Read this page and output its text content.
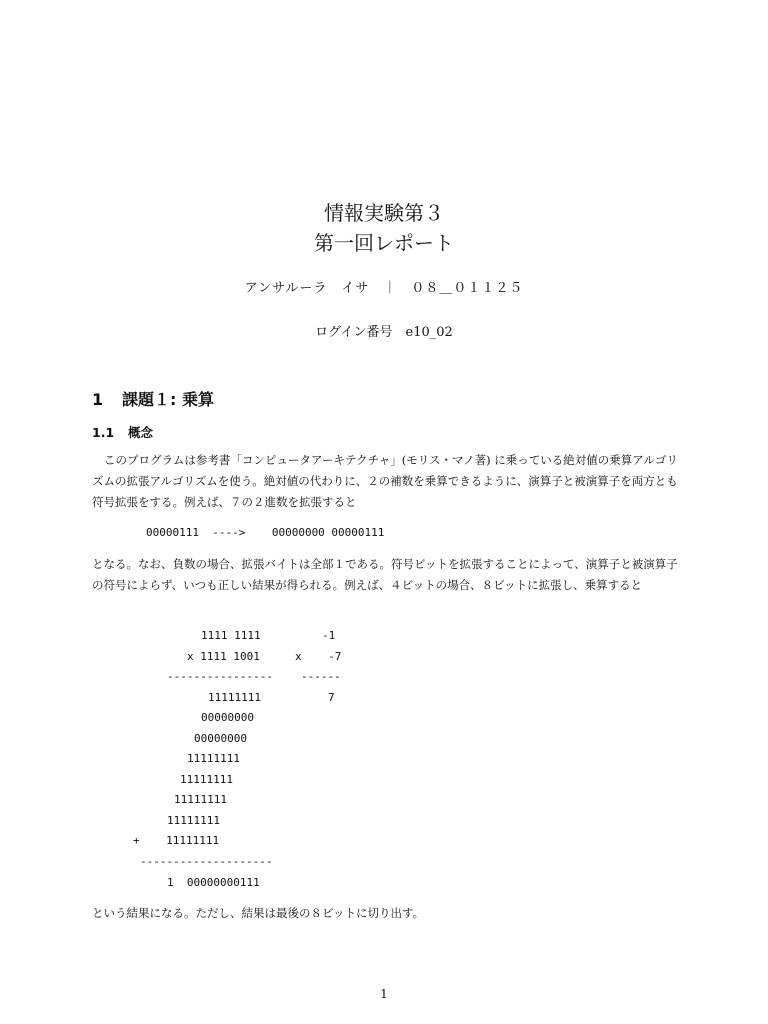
情報実験第３
第一回レポート
アンサルーラ　イサ　｜　０８＿０１１２５
ログイン番号　e10_02
1 課題１: 乗算
1.1 概念
このプログラムは参考書「コンピュータアーキテクチャ」(モリス・マノ著) に乗っている絶対値の乗算アルゴリズムの拡張アルゴリズムを使う。絶対値の代わりに、２の補数を乗算できるように、演算子と被演算子を両方とも符号拡張をする。例えば、７の２進数を拡張すると
00000111  ---->    00000000 00000111
となる。なお、負数の場合、拡張バイトは全部１である。符号ビットを拡張することによって、演算子と被演算子の符号によらず、いつも正しい結果が得られる。例えば、４ビットの場合、８ビットに拡張し、乗算すると
1111 1111
x 1111 1001
----------------
11111111
00000000
00000000
11111111
11111111
11111111
11111111
+    11111111
--------------------
1  00000000111
-1
x    -7
------
7
という結果になる。ただし、結果は最後の８ビットに切り出す。
1
